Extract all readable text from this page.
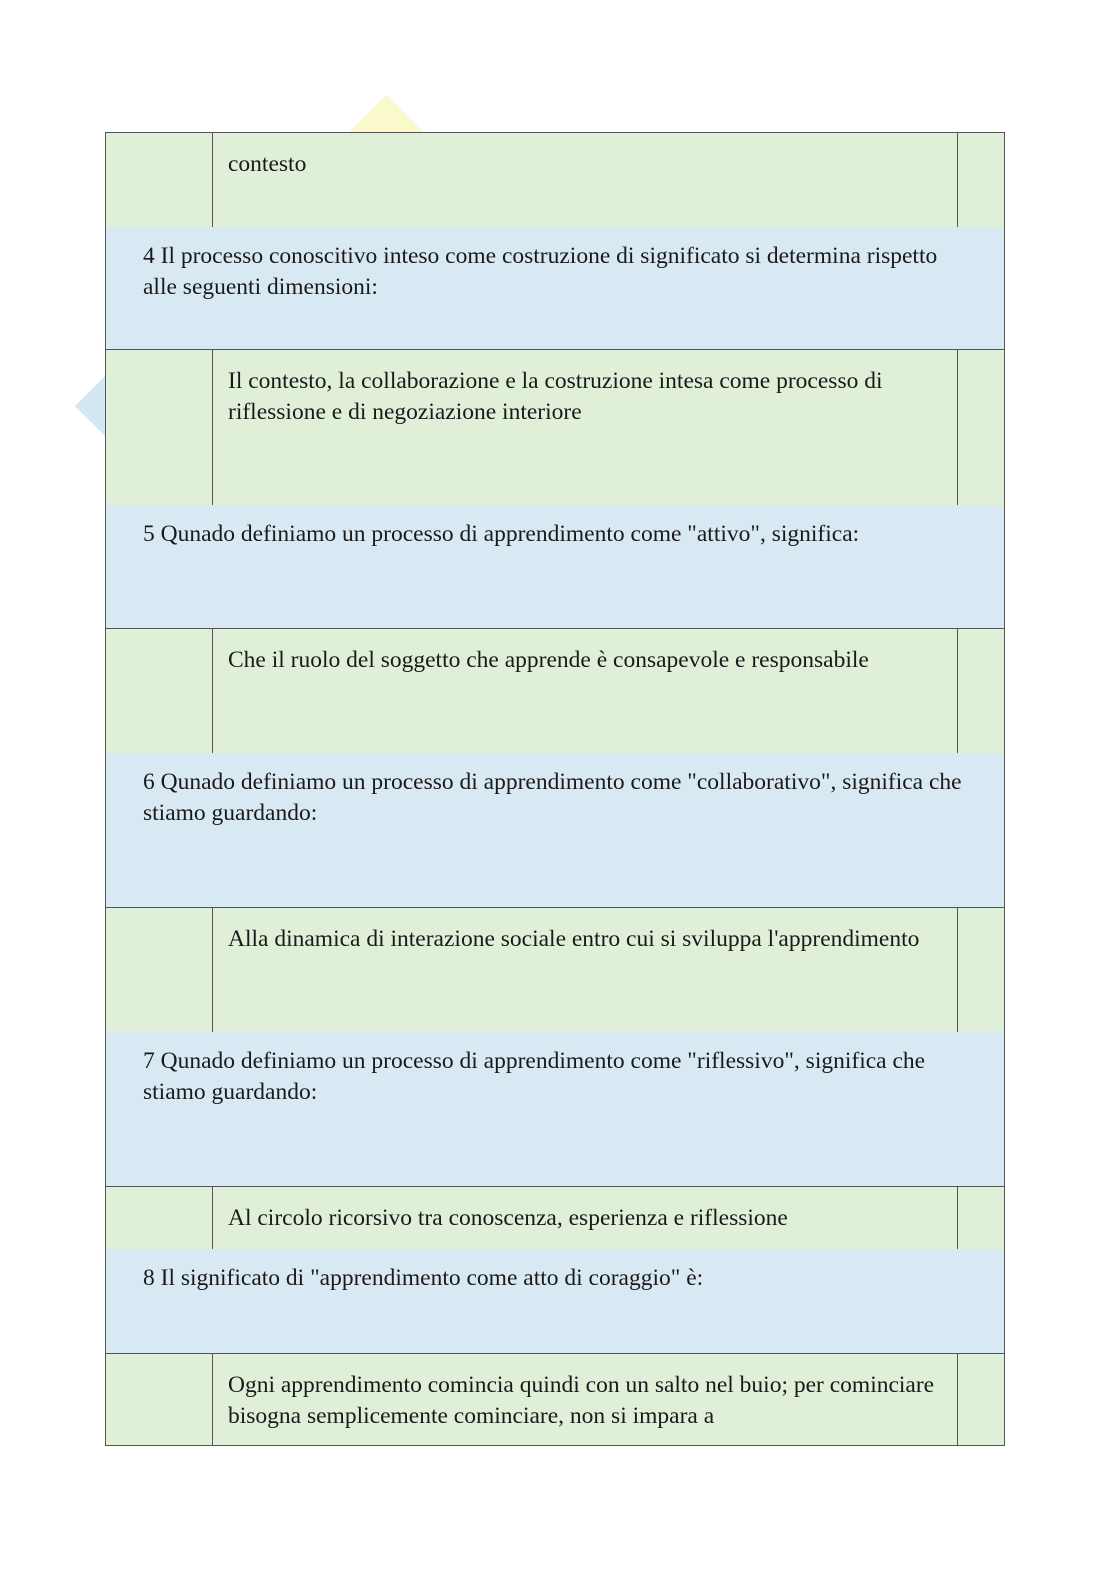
	contesto	
4 Il processo conoscitivo inteso come costruzione di significato si determina rispetto alle seguenti dimensioni:		
	Il contesto, la collaborazione e la costruzione intesa come processo di riflessione e di negoziazione interiore	
5 Qunado definiamo un processo di apprendimento come "attivo", significa:		
	Che il ruolo del soggetto che apprende è consapevole e responsabile	
6 Qunado definiamo un processo di apprendimento come "collaborativo", significa che stiamo guardando:		
	Alla dinamica di interazione sociale entro cui si sviluppa l'apprendimento	
7 Qunado definiamo un processo di apprendimento come "riflessivo", significa che stiamo guardando:		
	Al circolo ricorsivo tra conoscenza, esperienza e riflessione	
8 Il significato di "apprendimento come atto di coraggio" è:		
	Ogni apprendimento comincia quindi con un salto nel buio; per cominciare bisogna semplicemente cominciare, non si impara a	
